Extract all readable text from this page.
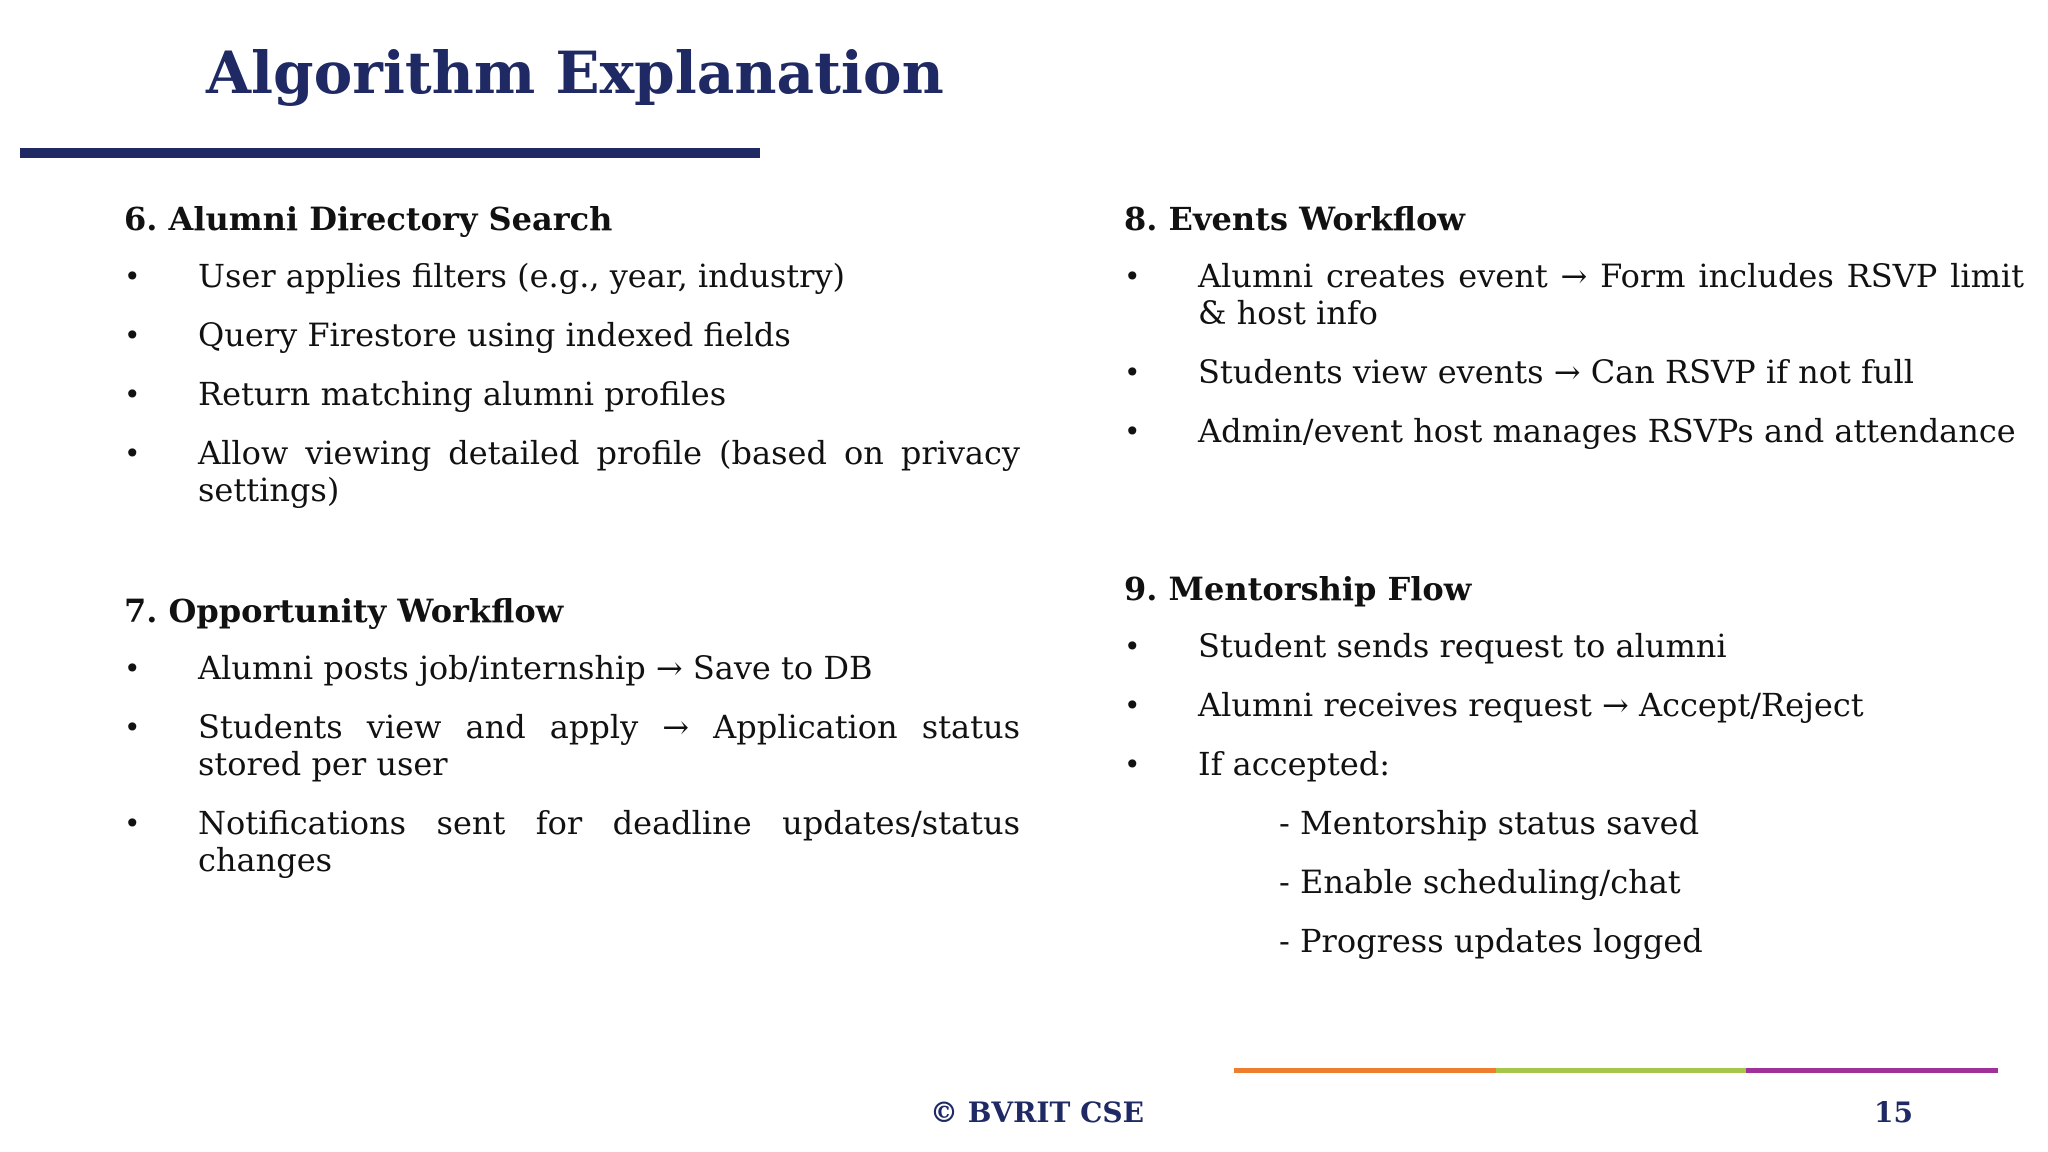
Algorithm Explanation
6. Alumni Directory Search
• User applies filters (e.g., year, industry)
• Query Firestore using indexed fields
• Return matching alumni profiles
• Allow viewing detailed profile (based on privacy settings)
7. Opportunity Workflow
• Alumni posts job/internship → Save to DB
• Students view and apply → Application status stored per user
• Notifications sent for deadline updates/status changes
8. Events Workflow
• Alumni creates event → Form includes RSVP limit & host info
• Students view events → Can RSVP if not full
• Admin/event host manages RSVPs and attendance
9. Mentorship Flow
• Student sends request to alumni
• Alumni receives request → Accept/Reject
• If accepted:
- Mentorship status saved
- Enable scheduling/chat
- Progress updates logged
© BVRIT CSE	15
